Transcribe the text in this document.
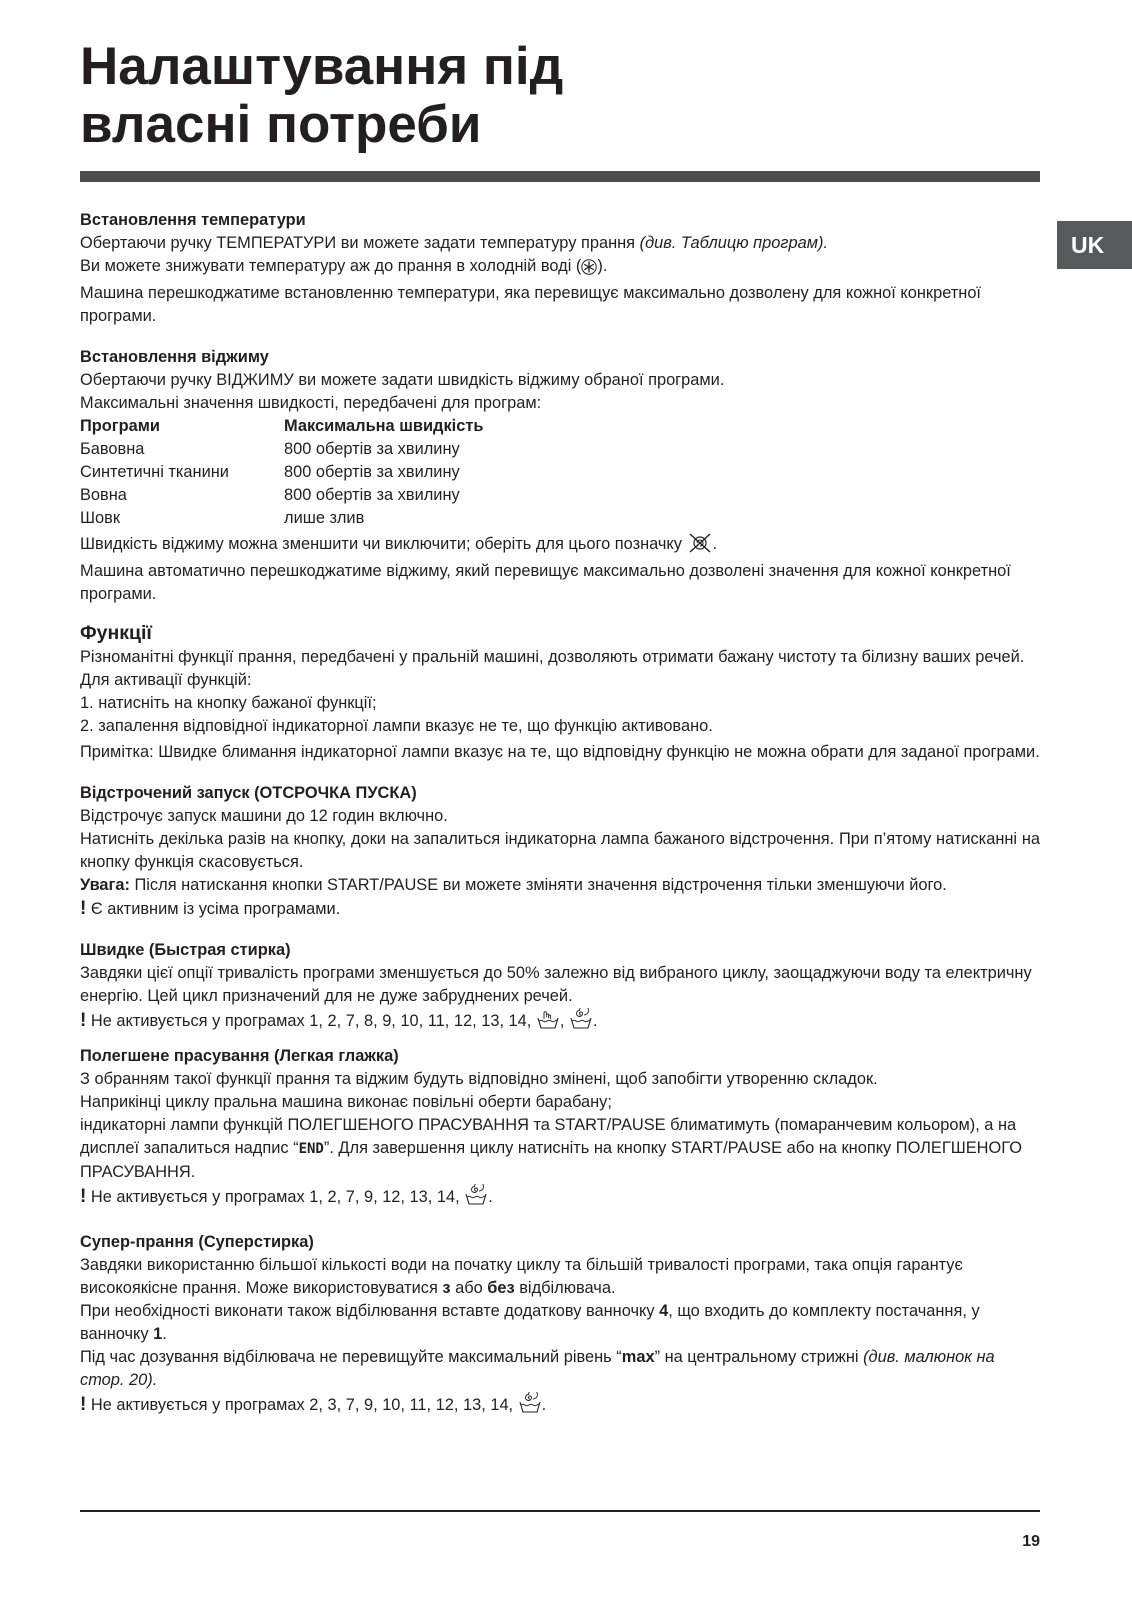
Налаштування під
власні потреби
UK

Встановлення температури

Обертаючи ручку ТЕМПЕРАТУРИ ви можете задати температуру прання (див. Таблицю програм).

Ви можете знижувати температуру аж до прання в холодній воді ( ).

Машина перешкоджатиме встановленню температури, яка перевищує максимально дозволену для кожної конкретної програми.

Встановлення віджиму

Обертаючи ручку ВІДЖИМУ ви можете задати швидкість віджиму обраної програми.

Максимальні значення швидкості, передбачені для програм:

Програми	Максимальна швидкість
Бавовна	800 обертів за хвилину
Синтетичні тканини	800 обертів за хвилину
Вовна	800 обертів за хвилину
Шовк	лише злив

Швидкість віджиму можна зменшити чи виключити; оберіть для цього позначку .

Машина автоматично перешкоджатиме віджиму, який перевищує максимально дозволені значення для кожної конкретної програми.

Функції

Різноманітні функції прання, передбачені у пральній машині, дозволяють отримати бажану чистоту та білизну ваших речей.

Для активації функцій:

1. натисніть на кнопку бажаної функції;

2. запалення відповідної індикаторної лампи вказує не те, що функцію активовано.

Примітка: Швидке блимання індикаторної лампи вказує на те, що відповідну функцію не можна обрати для заданої програми.

Відстрочений запуск (ОТСРОЧКА ПУСКА)

Відстрочує запуск машини до 12 годин включно.

Натисніть декілька разів на кнопку, доки на запалиться індикаторна лампа бажаного відстрочення. При п’ятому натисканні на кнопку функція скасовується.

Увага: Після натискання кнопки START/PAUSE ви можете зміняти значення відстрочення тільки зменшуючи його.

! Є активним із усіма програмами.

Швидке (Быстрая стирка)

Завдяки цієї опції тривалість програми зменшується до 50% залежно від вибраного циклу, заощаджуючи воду та електричну енергію. Цей цикл призначений для не дуже забруднених речей.

! Не активується у програмах 1, 2, 7, 8, 9, 10, 11, 12, 13, 14, , .

Полегшене прасування (Легкая глажка)

З обранням такої функції прання та віджим будуть відповідно змінені, щоб запобігти утворенню складок.

Наприкінці циклу пральна машина виконає повільні оберти барабану;

індикаторні лампи функцій ПОЛЕГШЕНОГО ПРАСУВАННЯ та START/PAUSE блиматимуть (помаранчевим кольором), а на дисплеї запалиться надпис “END”. Для завершення циклу натисніть на кнопку START/PAUSE або на кнопку ПОЛЕГШЕНОГО ПРАСУВАННЯ.

! Не активується у програмах 1, 2, 7, 9, 12, 13, 14, .

Супер-прання (Суперстирка)

Завдяки використанню більшої кількості води на початку циклу та більшій тривалості програми, така опція гарантує високоякісне прання. Може використовуватися з або без відбілювача.

При необхідності виконати також відбілювання вставте додаткову ванночку 4, що входить до комплекту постачання, у ванночку 1.

Під час дозування відбілювача не перевищуйте максимальний рівень “max” на центральному стрижні (див. малюнок на стор. 20).

! Не активується у програмах 2, 3, 7, 9, 10, 11, 12, 13, 14, .

19
